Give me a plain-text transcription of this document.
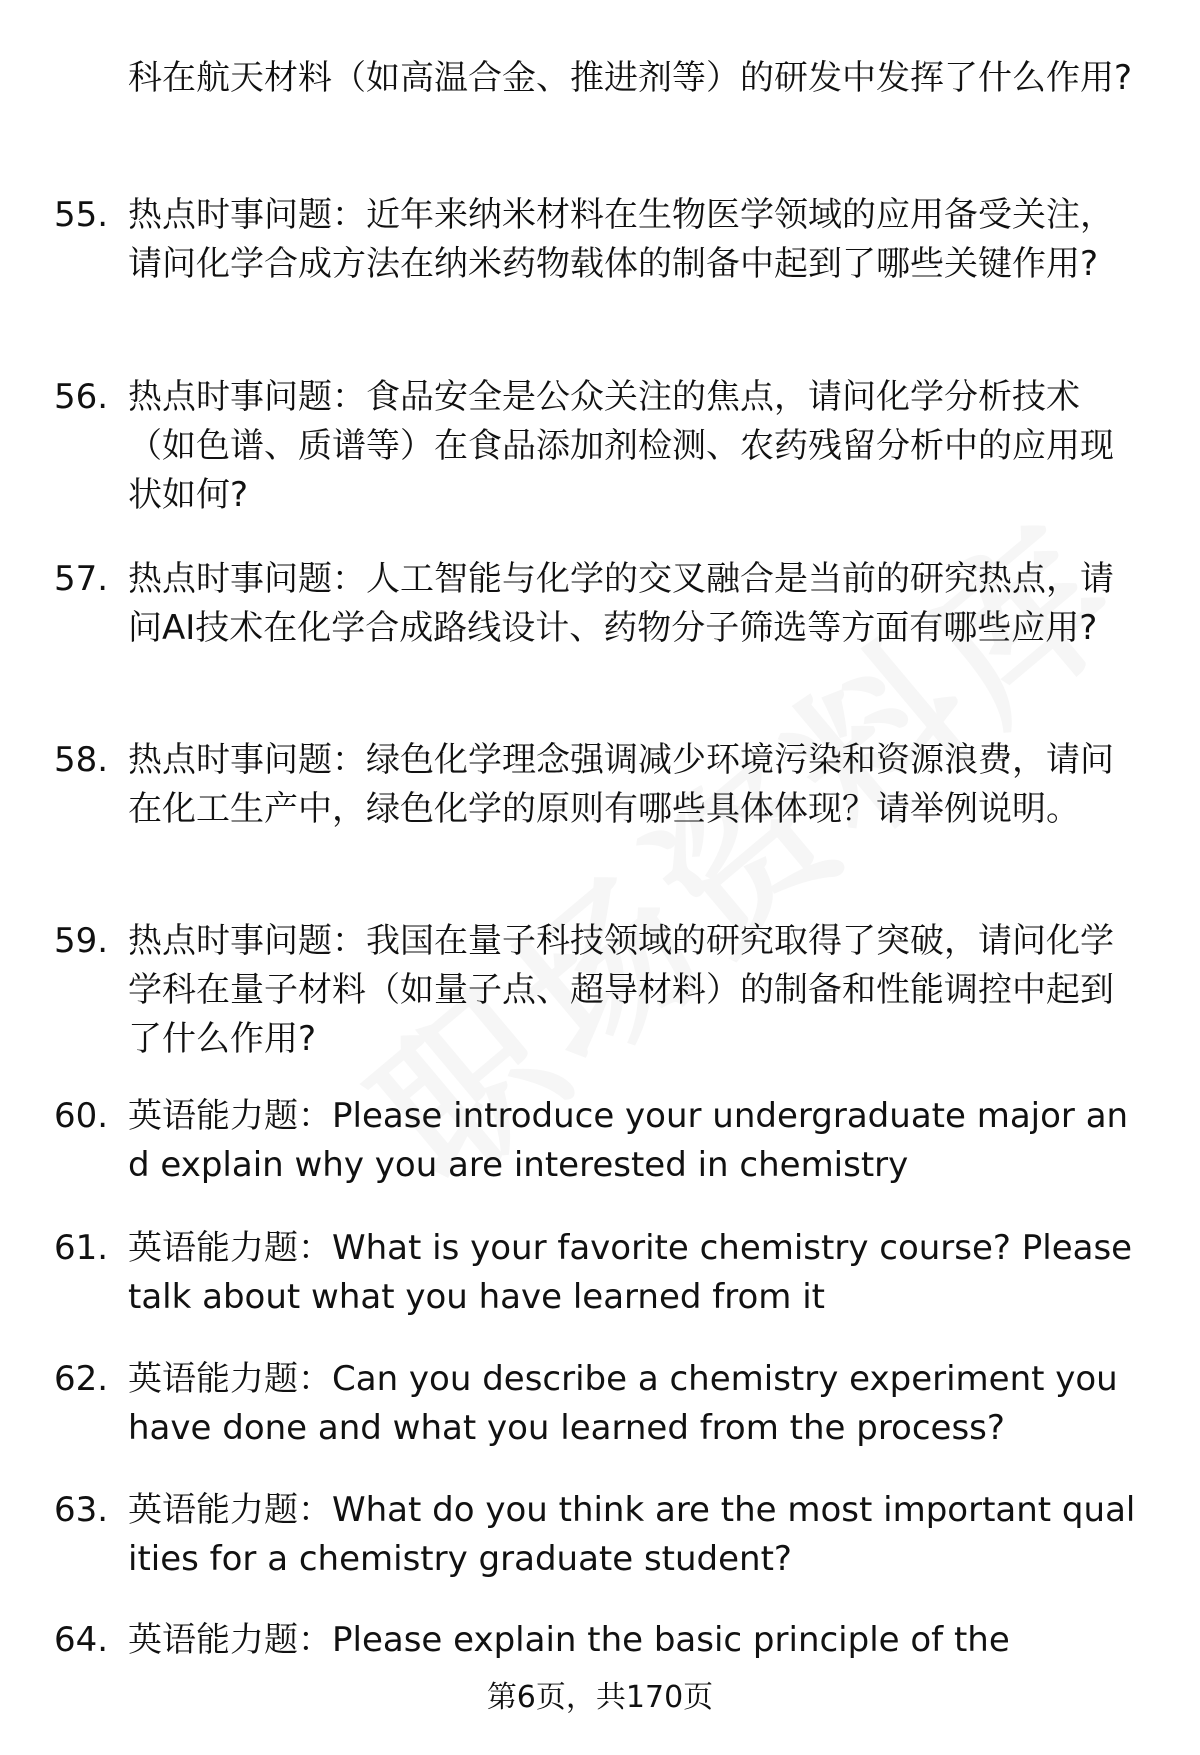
科在航天材料（如高温合金、推进剂等）的研发中发挥了什么作用?
55. 热点时事问题：近年来纳米材料在生物医学领域的应用备受关注，请问化学合成方法在纳米药物载体的制备中起到了哪些关键作用?
56. 热点时事问题：食品安全是公众关注的焦点，请问化学分析技术（如色谱、质谱等）在食品添加剂检测、农药残留分析中的应用现状如何?
57. 热点时事问题：人工智能与化学的交叉融合是当前的研究热点，请问AI技术在化学合成路线设计、药物分子筛选等方面有哪些应用?
58. 热点时事问题：绿色化学理念强调减少环境污染和资源浪费，请问在化工生产中，绿色化学的原则有哪些具体体现？请举例说明。
59. 热点时事问题：我国在量子科技领域的研究取得了突破，请问化学学科在量子材料（如量子点、超导材料）的制备和性能调控中起到了什么作用?
60. 英语能力题：Please introduce your undergraduate major and explain why you are interested in chemistry
61. 英语能力题：What is your favorite chemistry course? Please talk about what you have learned from it
62. 英语能力题：Can you describe a chemistry experiment you have done and what you learned from the process?
63. 英语能力题：What do you think are the most important qualities for a chemistry graduate student?
64. 英语能力题：Please explain the basic principle of the
第6页，共170页
